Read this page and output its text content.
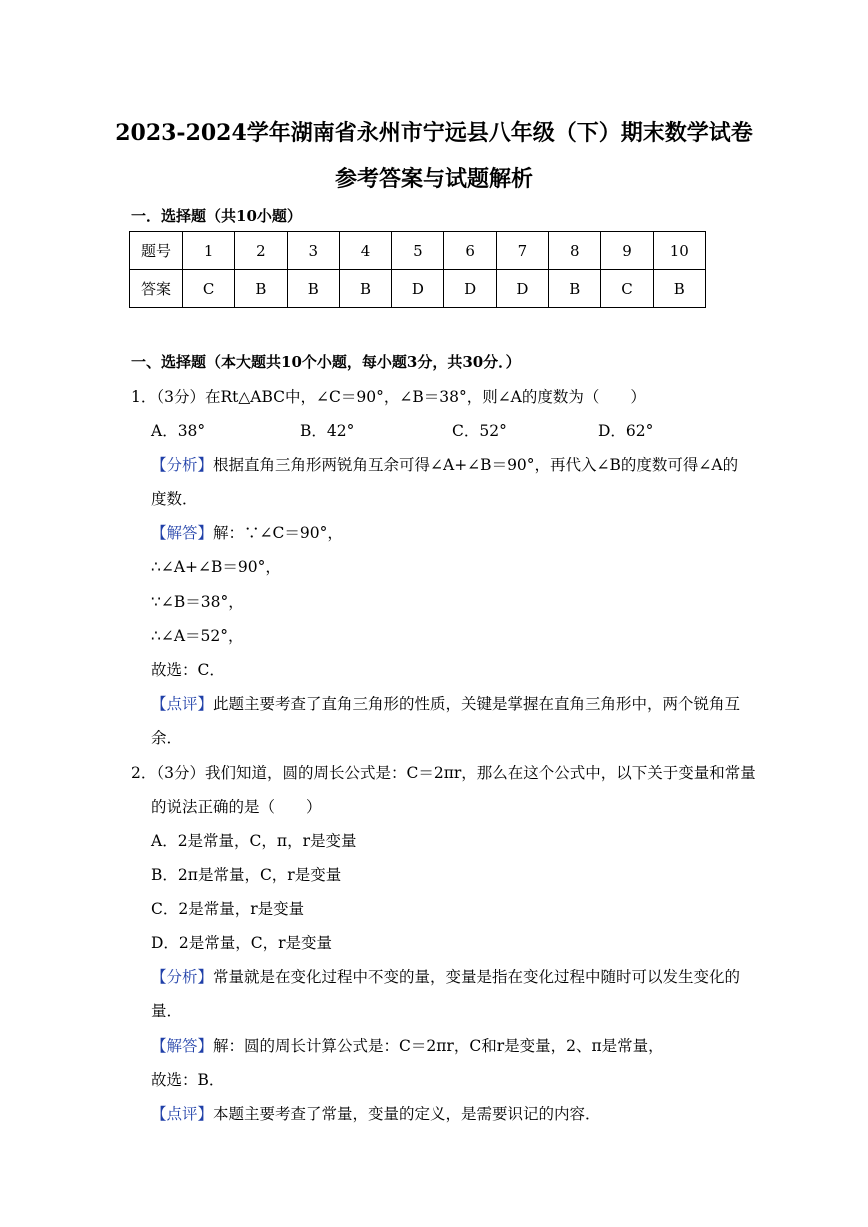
2023-2024学年湖南省永州市宁远县八年级（下）期末数学试卷
参考答案与试题解析
一．选择题（共10小题）
题号	1	2	3	4	5	6	7	8	9	10
答案	C	B	B	B	D	D	D	B	C	B
一、选择题（本大题共10个小题，每小题3分，共30分．）
1．（3分）在Rt△ABC中，∠C＝90°，∠B＝38°，则∠A的度数为（　　）
A．38°	B．42°	C．52°	D．62°
【分析】根据直角三角形两锐角互余可得∠A+∠B＝90°，再代入∠B的度数可得∠A的
度数．
【解答】解：∵∠C＝90°，
∴∠A+∠B＝90°，
∵∠B＝38°，
∴∠A＝52°，
故选：C．
【点评】此题主要考查了直角三角形的性质，关键是掌握在直角三角形中，两个锐角互
余．
2．（3分）我们知道，圆的周长公式是：C＝2πr，那么在这个公式中，以下关于变量和常量
的说法正确的是（　　）
A．2是常量，C，π，r是变量
B．2π是常量，C，r是变量
C．2是常量，r是变量
D．2是常量，C，r是变量
【分析】常量就是在变化过程中不变的量，变量是指在变化过程中随时可以发生变化的
量．
【解答】解：圆的周长计算公式是：C＝2πr，C和r是变量，2、π是常量，
故选：B．
【点评】本题主要考查了常量，变量的定义，是需要识记的内容．
